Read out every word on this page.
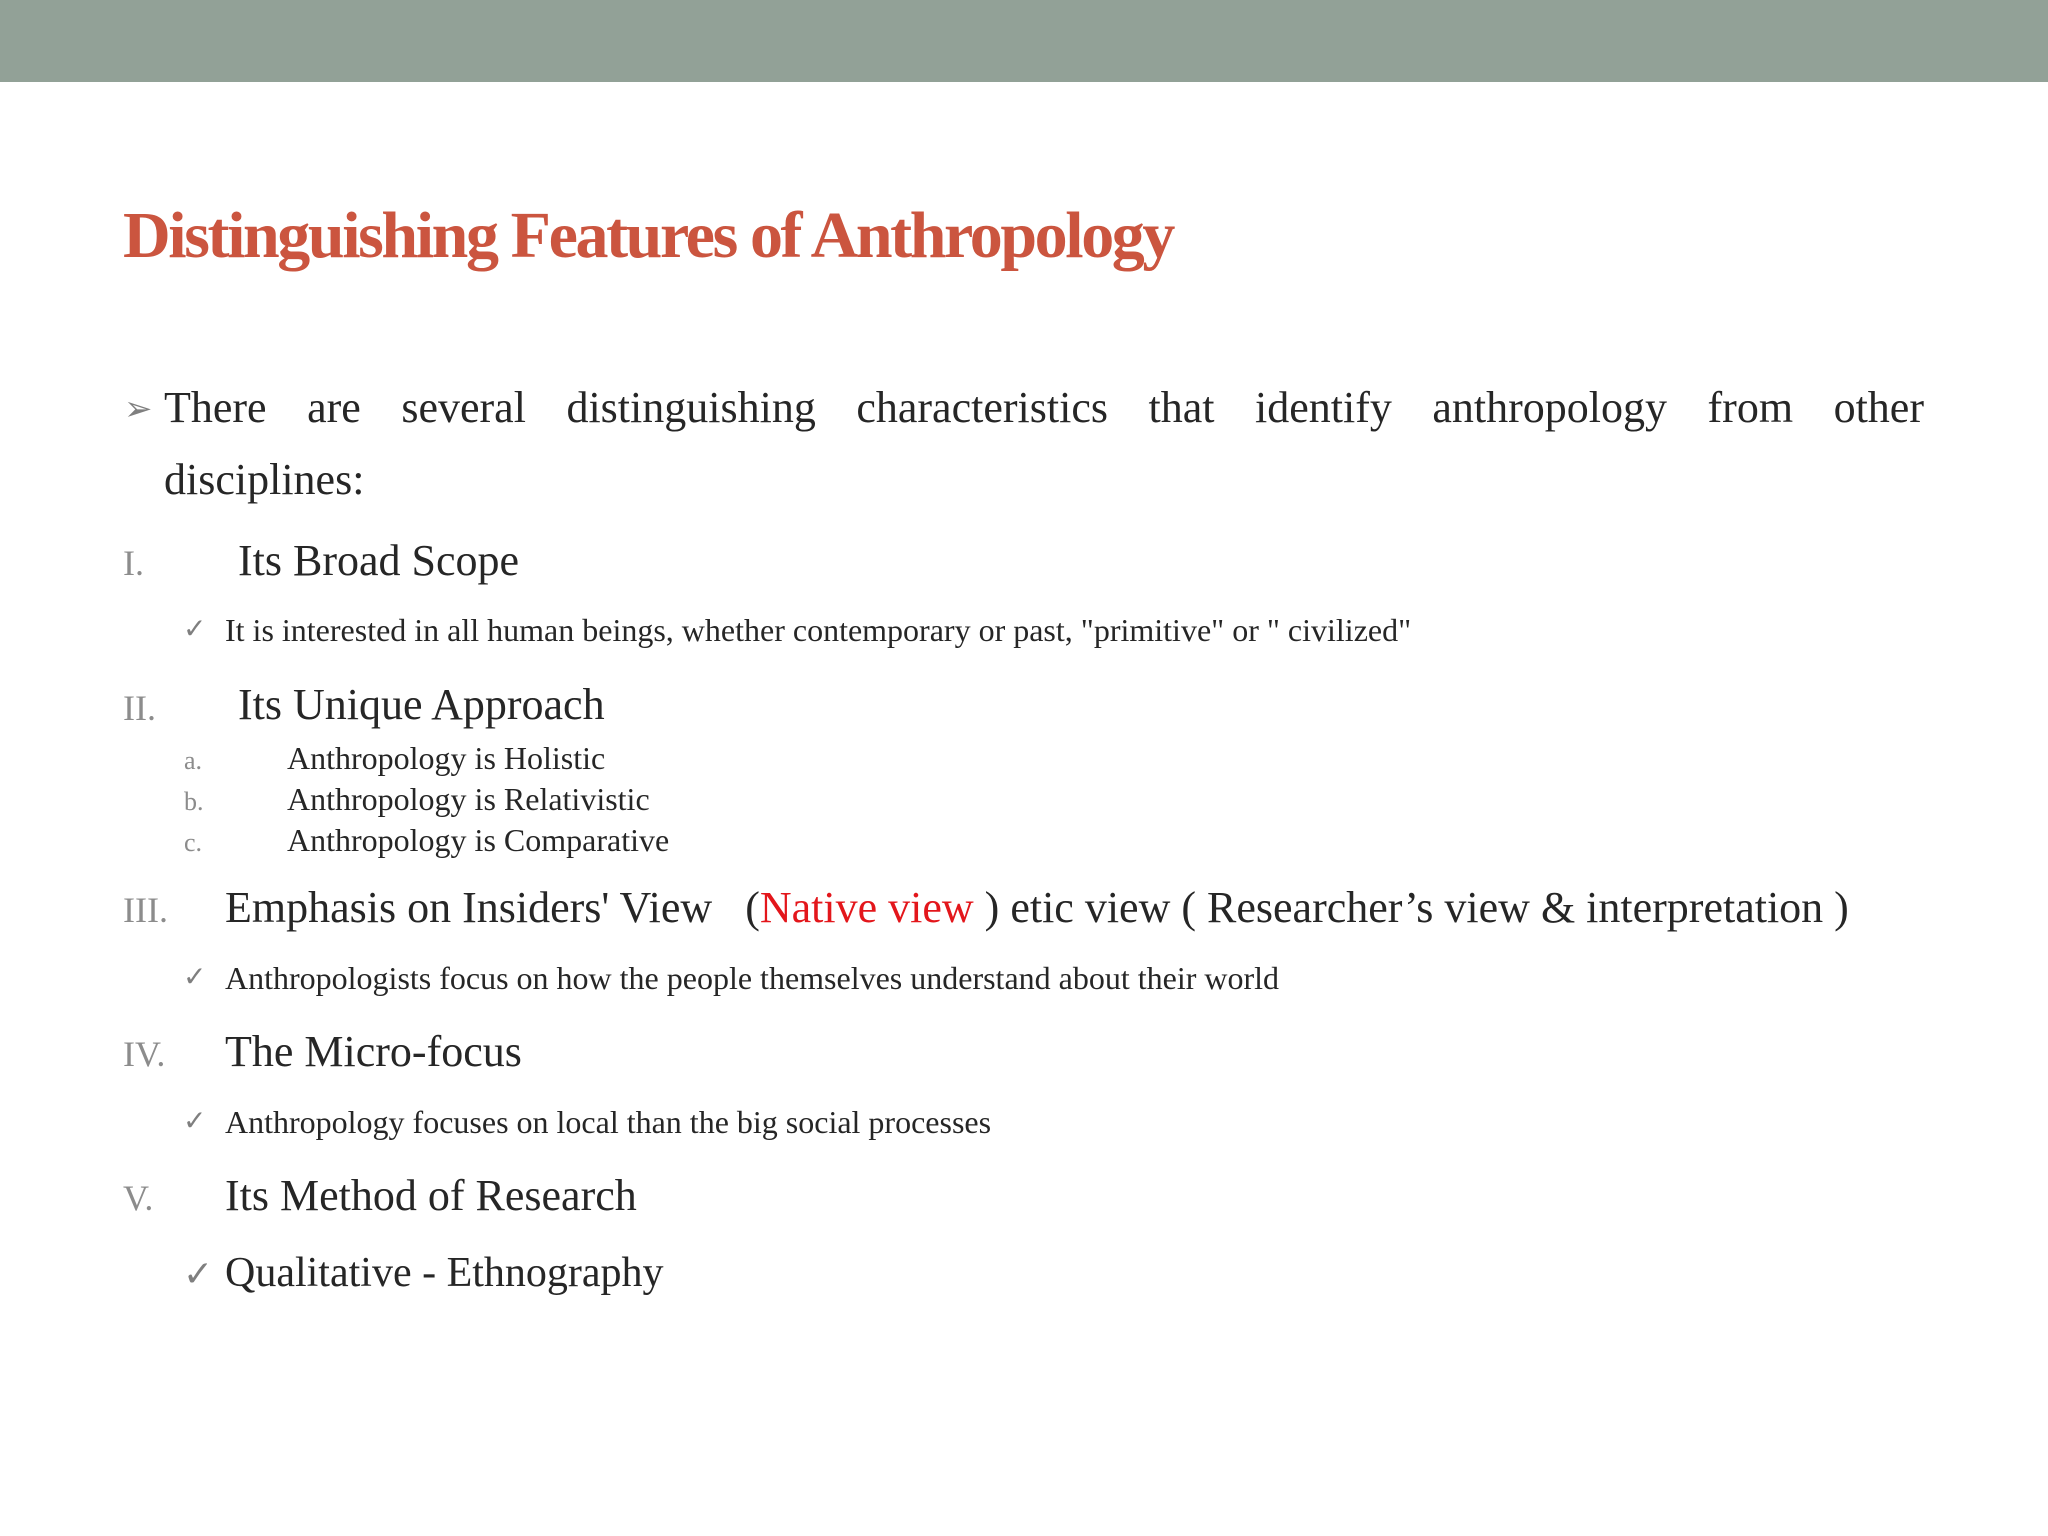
Distinguishing Features of Anthropology
➢ There are several distinguishing characteristics that identify anthropology from other
disciplines:
I. Its Broad Scope
✓ It is interested in all human beings, whether contemporary or past, "primitive" or " civilized"
II. Its Unique Approach
a.	Anthropology is Holistic
b.	Anthropology is Relativistic
c.	Anthropology is Comparative
III. Emphasis on Insiders' View   (Native view ) etic view ( Researcher’s view & interpretation )
✓ Anthropologists focus on how the people themselves understand about their world
IV. The Micro-focus
✓ Anthropology focuses on local than the big social processes
V. Its Method of Research
✓ Qualitative - Ethnography
